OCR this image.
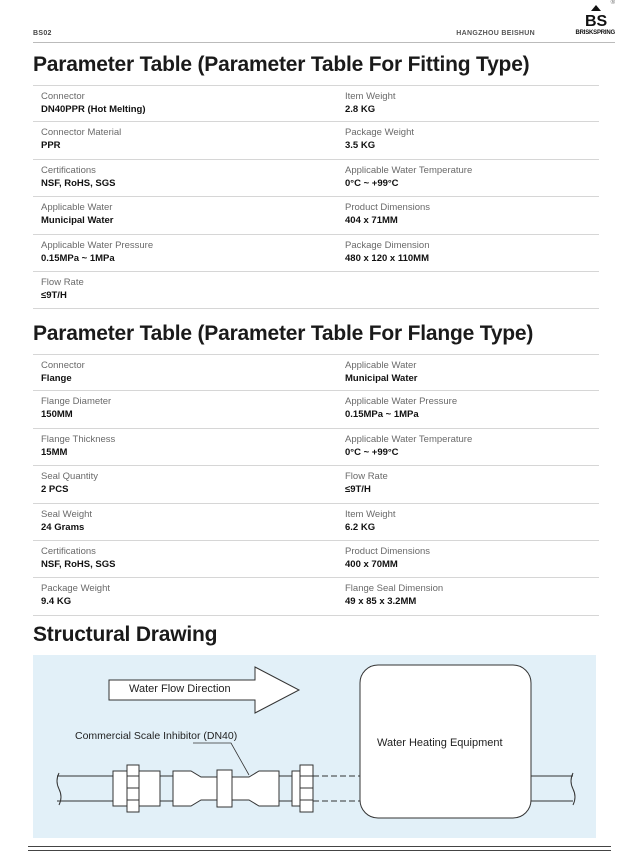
BS02	HANGZHOU BEISHUN	BRISKSPRING
BS
®
Parameter Table (Parameter Table For Fitting Type)
Connector
DN40PPR (Hot Melting)
Item Weight
2.8 KG
Connector Material
PPR
Package Weight
3.5 KG
Certifications
NSF, RoHS, SGS
Applicable Water Temperature
0°C ~ +99°C
Applicable Water
Municipal Water
Product Dimensions
404 x 71MM
Applicable Water Pressure
0.15MPa ~ 1MPa
Package Dimension
480 x 120 x 110MM
Flow Rate
≤9T/H
Parameter Table (Parameter Table For Flange Type)
Connector
Flange
Applicable Water
Municipal Water
Flange Diameter
150MM
Applicable Water Pressure
0.15MPa ~ 1MPa
Flange Thickness
15MM
Applicable Water Temperature
0°C ~ +99°C
Seal Quantity
2 PCS
Flow Rate
≤9T/H
Seal Weight
24 Grams
Item Weight
6.2 KG
Certifications
NSF, RoHS, SGS
Product Dimensions
400 x 70MM
Package Weight
9.4 KG
Flange Seal Dimension
49 x 85 x 3.2MM
Structural Drawing
Water Flow Direction
Commercial Scale Inhibitor (DN40)
Water Heating Equipment
